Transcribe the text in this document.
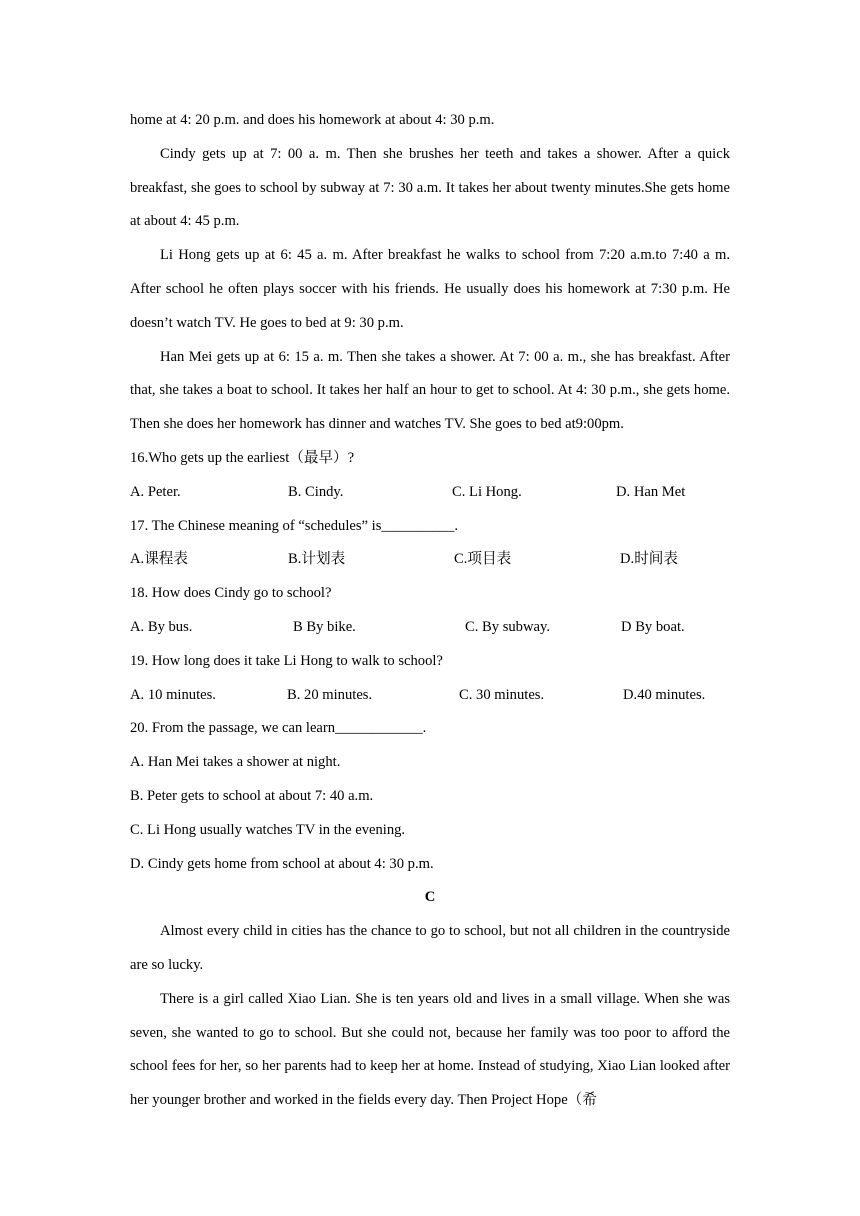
home at 4: 20 p.m. and does his homework at about 4: 30 p.m.

Cindy gets up at 7: 00 a. m. Then she brushes her teeth and takes a shower. After a quick breakfast, she goes to school by subway at 7: 30 a.m. It takes her about twenty minutes.She gets home at about 4: 45 p.m.

Li Hong gets up at 6: 45 a. m. After breakfast he walks to school from 7:20 a.m.to 7:40 a m. After school he often plays soccer with his friends. He usually does his homework at 7:30 p.m. He doesn’t watch TV. He goes to bed at 9: 30 p.m.

Han Mei gets up at 6: 15 a. m. Then she takes a shower. At 7: 00 a. m., she has breakfast. After that, she takes a boat to school. It takes her half an hour to get to school. At 4: 30 p.m., she gets home. Then she does her homework has dinner and watches TV. She goes to bed at9:00pm.

16.Who gets up the earliest（最早）?

A. Peter.	B. Cindy.	C. Li Hong.	D. Han Met

17. The Chinese meaning of “schedules” is__________.

A.课程表	B.计划表	C.项目表	D.时间表

18. How does Cindy go to school?

A. By bus.	B By bike.	C. By subway.	D By boat.

19. How long does it take Li Hong to walk to school?

A. 10 minutes.	B. 20 minutes.	C. 30 minutes.	D.40 minutes.

20. From the passage, we can learn____________.

A. Han Mei takes a shower at night.

B. Peter gets to school at about 7: 40 a.m.

C. Li Hong usually watches TV in the evening.

D. Cindy gets home from school at about 4: 30 p.m.

C

Almost every child in cities has the chance to go to school, but not all children in the countryside are so lucky.

There is a girl called Xiao Lian. She is ten years old and lives in a small village. When she was seven, she wanted to go to school. But she could not, because her family was too poor to afford the school fees for her, so her parents had to keep her at home. Instead of studying, Xiao Lian looked after her younger brother and worked in the fields every day. Then Project Hope（希
